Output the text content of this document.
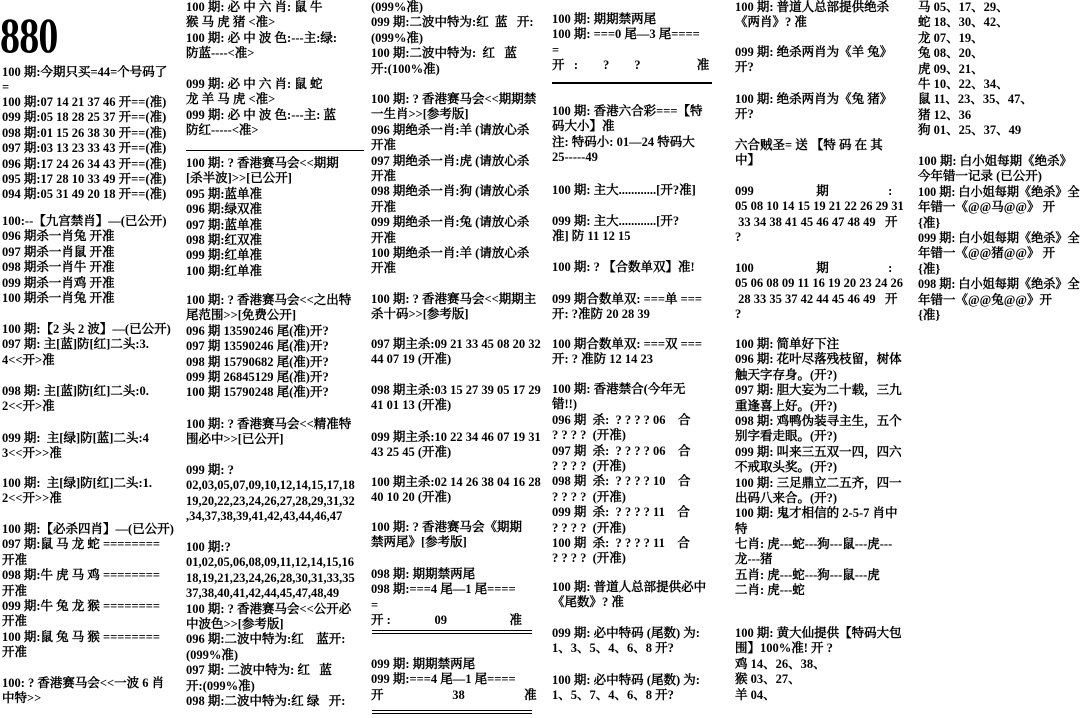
880
100 期:今期只买=44=个号码了
=
100 期:07 14 21 37 46 开==(准)
099 期:05 18 28 25 37 开==(准)
098 期:01 15 26 38 30 开==(准)
097 期:03 13 23 33 43 开==(准)
096 期:17 24 26 34 43 开==(准)
095 期:17 28 10 33 49 开==(准)
094 期:05 31 49 20 18 开==(准)
100:--【九宫禁肖】—(已公开)
096 期杀一肖兔 开准
097 期杀一肖鼠 开准
098 期杀一肖牛 开准
099 期杀一肖鸡 开准
100 期杀一肖兔 开准
100 期:【2 头 2 波】—(已公开)
097 期: 主[蓝]防[红]二头:3.
4<<开>准
098 期: 主[蓝]防[红]二头:0.
2<<开>准
099 期:  主[绿]防[蓝]二头:4
3<<开>>准
100 期:  主[绿]防[红]二头:1.
2<<开>>准
100 期:【必杀四肖】—(已公开)
097 期:鼠 马 龙 蛇 ========
开准
098 期:牛 虎 马 鸡 ========
开准
099 期:牛 兔 龙 猴 ========
开准
100 期:鼠 兔 马 猴 ========
开准
100: ? 香港赛马会<<一波 6 肖
中特>>
100 期: 必 中 六 肖: 鼠 牛
猴 马 虎 猪 <准>
100 期: 必 中 波 色:---主:绿:
防蓝----<准>
099 期: 必 中 六 肖: 鼠 蛇
龙 羊 马 虎 <准>
099 期: 必 中 波 色:---主: 蓝
防红-----<准>
100 期: ? 香港赛马会<<期期
[杀半波]>>[已公开]
095 期:蓝单准
096 期:绿双准
097 期:蓝单准
098 期:红双准
099 期:红单准
100 期:红单准
100 期: ? 香港赛马会<<之出特
尾范围>>[免费公开]
096 期 13590246 尾(准)开?
097 期 13590246 尾(准)开?
098 期 15790682 尾(准)开?
099 期 26845129 尾(准)开?
100 期 15790248 尾(准)开?
100 期: ? 香港赛马会<<精准特
围必中>>[已公开]
099 期: ?
02,03,05,07,09,10,12,14,15,17,18
19,20,22,23,24,26,27,28,29,31,32
,34,37,38,39,41,42,43,44,46,47
100 期:?
01,02,05,06,08,09,11,12,14,15,16
18,19,21,23,24,26,28,30,31,33,35
37,38,40,41,42,44,45,47,48,49
100 期: ? 香港赛马会<<公开必
中波色>>[参考版]
096 期:二波中特为:红    蓝开:
(099%准)
097 期: 二波中特为: 红   蓝
开:(099%准)
098 期:二波中特为:红 绿   开:
(099%准)
099 期:二波中特为:红  蓝   开:
(099%准)
100 期:二波中特为:  红   蓝
开:(100%准)
100 期: ? 香港赛马会<<期期禁
一生肖>>[参考版]
096 期绝杀一肖:羊 (请放心杀
开准
097 期绝杀一肖:虎 (请放心杀
开准
098 期绝杀一肖:狗 (请放心杀
开准
099 期绝杀一肖:兔 (请放心杀
开准
100 期绝杀一肖:羊 (请放心杀
开准
100 期: ? 香港赛马会<<期期主
杀十码>>[参考版]
097 期主杀:09 21 33 45 08 20 32
44 07 19 (开准)
098 期主杀:03 15 27 39 05 17 29
41 01 13 (开准)
099 期主杀:10 22 34 46 07 19 31
43 25 45 (开准)
100 期主杀:02 14 26 38 04 16 28
40 10 20 (开准)
100 期: ? 香港赛马会《期期
禁两尾》[参考版]
098 期: 期期禁两尾
098 期:===4 尾—1 尾====
=
开 :              09                    准
099 期: 期期禁两尾
099 期:===4 尾—1 尾====
开                      38                   准
100 期: 期期禁两尾
100 期: ===0 尾—3 尾====
=
开   :        ?        ?                  准
100 期: 香港六合彩===【特
码大小】准
注: 特码小: 01—24 特码大
25-----49
100 期: 主大............[开?准]
099 期: 主大............[开?
准] 防 11 12 15
100 期: ? 【合数单双】准!
099 期合数单双: ===单 ===
开: ?准防 20 28 39
100 期合数单双: ===双 ===
开: ? 准防 12 14 23
100 期: 香港禁合(今年无
错!!)
096 期  杀:  ? ? ? ? 06    合
? ? ? ?  (开准)
097 期  杀:  ? ? ? ? 06    合
? ? ? ?  (开准)
098 期  杀:  ? ? ? ? 10    合
? ? ? ?  (开准)
099 期  杀:  ? ? ? ? 11    合
? ? ? ?  (开准)
100 期  杀:  ? ? ? ? 11    合
? ? ? ?  (开准)
100 期: 普道人总部提供必中
《尾数》? 准
099 期: 必中特码 (尾数) 为:
1、3、5、4、6、8 开?
100 期: 必中特码 (尾数) 为:
1、5、7、4、6、8 开?
100 期: 普道人总部提供绝杀
《两肖》? 准
099 期: 绝杀两肖为《羊 兔》
开?
100 期: 绝杀两肖为《兔 猪》
开?
六合贼圣= 送 【特 码 在 其
中】
099                    期                   :
05 08 10 14 15 19 21 22 26 29 31
33 34 38 41 45 46 47 48 49   开
?
100                    期                   :
05 06 08 09 11 16 19 20 23 24 26
28 33 35 37 42 44 45 46 49   开
?
100 期: 简单好下注
096 期: 花叶尽落残枝留，树体
触天字存身。(开?)
097 期: 胆大妄为二十载，三九
重逢喜上好。(开?)
098 期: 鸡鸭伪装寻主生，五个
别字看走眼。(开?)
099 期: 叫来三五双一四，四六
不戒取头奖。(开?)
100 期: 三足鼎立二五齐，四一
出码八来合。(开?)
100 期: 鬼才相信的 2-5-7 肖中
特
七肖: 虎---蛇---狗---鼠---虎---
龙---猪
五肖: 虎---蛇---狗---鼠---虎
二肖: 虎---蛇
100 期: 黄大仙提供【特码大包
围】100%准! 开 ?
鸡 14、26、38、
猴 03、27、
羊 04、
马 05、17、29、
蛇 18、30、42、
龙 07、19、
兔 08、20、
虎 09、21、
牛 10、22、34、
鼠 11、23、35、47、
猪 12、36
狗 01、25、37、49
100 期: 白小姐每期《绝杀》
今年错一记录 (已公开)
100 期: 白小姐每期《绝杀》全
年错一《@@马@@》 开
{准}
099 期: 白小姐每期《绝杀》全
年错一《@@猪@@》 开
{准}
098 期: 白小姐每期《绝杀》全
年错一《@@兔@@》开
{准}
